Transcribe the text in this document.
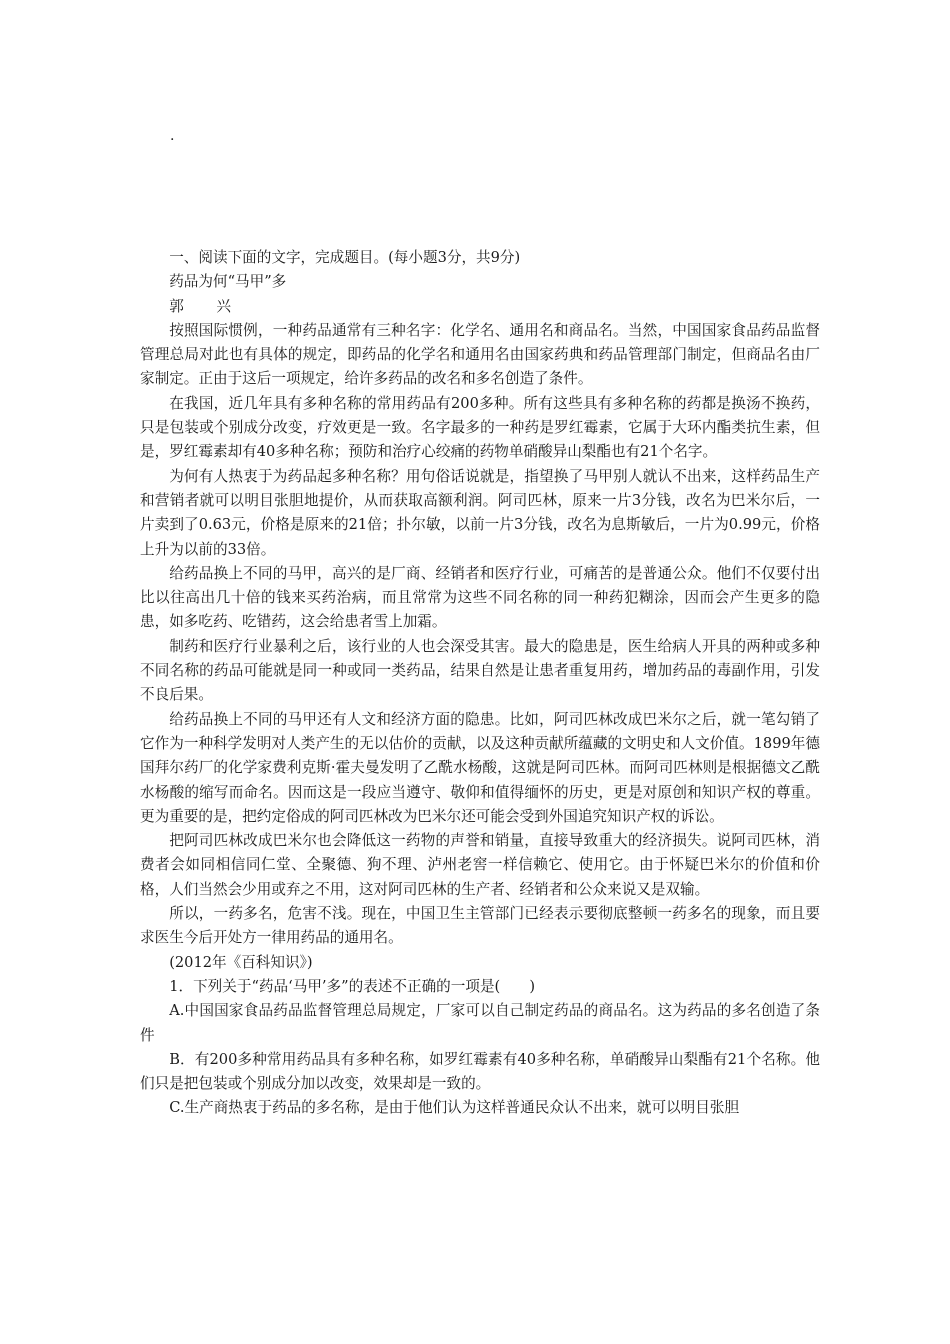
.

一、阅读下面的文字，完成题目。(每小题3分，共9分)

药品为何“马甲”多

郭 兴

按照国际惯例，一种药品通常有三种名字：化学名、通用名和商品名。当然，中国国家食品药品监督管理总局对此也有具体的规定，即药品的化学名和通用名由国家药典和药品管理部门制定，但商品名由厂家制定。正由于这后一项规定，给许多药品的改名和多名创造了条件。

在我国，近几年具有多种名称的常用药品有200多种。所有这些具有多种名称的药都是换汤不换药，只是包装或个别成分改变，疗效更是一致。名字最多的一种药是罗红霉素，它属于大环内酯类抗生素，但是，罗红霉素却有40多种名称；预防和治疗心绞痛的药物单硝酸异山梨酯也有21个名字。

为何有人热衷于为药品起多种名称？用句俗话说就是，指望换了马甲别人就认不出来，这样药品生产和营销者就可以明目张胆地提价，从而获取高额利润。阿司匹林，原来一片3分钱，改名为巴米尔后，一片卖到了0.63元，价格是原来的21倍；扑尔敏，以前一片3分钱，改名为息斯敏后，一片为0.99元，价格上升为以前的33倍。

给药品换上不同的马甲，高兴的是厂商、经销者和医疗行业，可痛苦的是普通公众。他们不仅要付出比以往高出几十倍的钱来买药治病，而且常常为这些不同名称的同一种药犯糊涂，因而会产生更多的隐患，如多吃药、吃错药，这会给患者雪上加霜。

制药和医疗行业暴利之后，该行业的人也会深受其害。最大的隐患是，医生给病人开具的两种或多种不同名称的药品可能就是同一种或同一类药品，结果自然是让患者重复用药，增加药品的毒副作用，引发不良后果。

给药品换上不同的马甲还有人文和经济方面的隐患。比如，阿司匹林改成巴米尔之后，就一笔勾销了它作为一种科学发明对人类产生的无以估价的贡献，以及这种贡献所蕴藏的文明史和人文价值。1899年德国拜尔药厂的化学家费利克斯·霍夫曼发明了乙酰水杨酸，这就是阿司匹林。而阿司匹林则是根据德文乙酰水杨酸的缩写而命名。因而这是一段应当遵守、敬仰和值得缅怀的历史，更是对原创和知识产权的尊重。更为重要的是，把约定俗成的阿司匹林改为巴米尔还可能会受到外国追究知识产权的诉讼。

把阿司匹林改成巴米尔也会降低这一药物的声誉和销量，直接导致重大的经济损失。说阿司匹林，消费者会如同相信同仁堂、全聚德、狗不理、泸州老窖一样信赖它、使用它。由于怀疑巴米尔的价值和价格，人们当然会少用或弃之不用，这对阿司匹林的生产者、经销者和公众来说又是双输。

所以，一药多名，危害不浅。现在，中国卫生主管部门已经表示要彻底整顿一药多名的现象，而且要求医生今后开处方一律用药品的通用名。

(2012年《百科知识》)

1．下列关于“药品‘马甲’多”的表述不正确的一项是(　　)

A.中国国家食品药品监督管理总局规定，厂家可以自己制定药品的商品名。这为药品的多名创造了条件

B．有200多种常用药品具有多种名称，如罗红霉素有40多种名称，单硝酸异山梨酯有21个名称。他们只是把包装或个别成分加以改变，效果却是一致的。

C.生产商热衷于药品的多名称，是由于他们认为这样普通民众认不出来，就可以明目张胆
